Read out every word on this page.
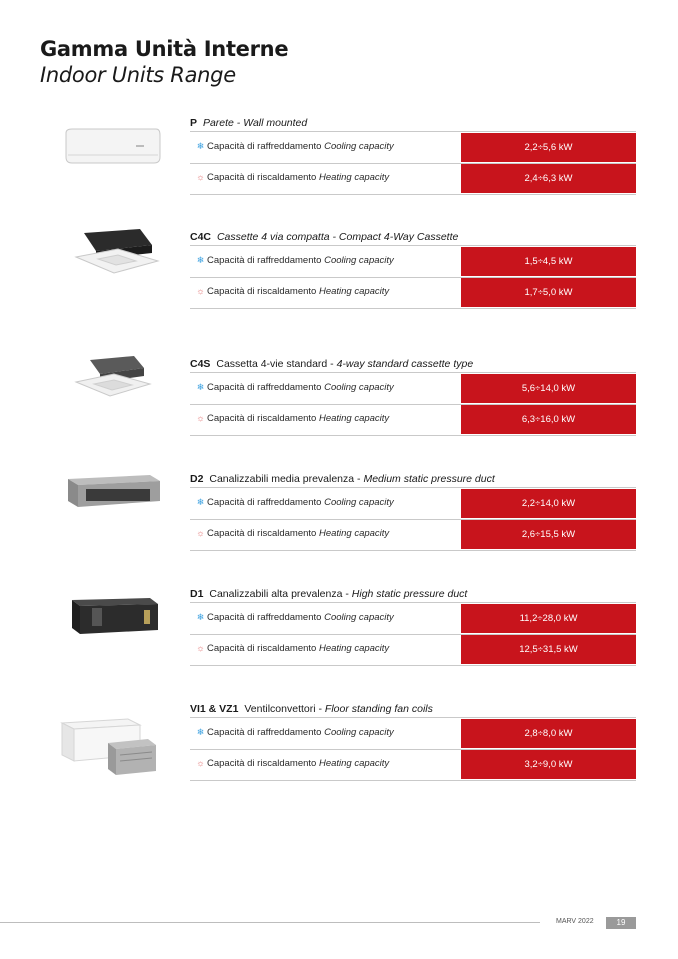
Gamma Unità Interne
Indoor Units Range
P Parete - Wall mounted
❄ Capacità di raffreddamento Cooling capacity	2,2÷5,6 kW
☼ Capacità di riscaldamento Heating capacity	2,4÷6,3 kW
C4C Cassette 4 via compatta - Compact 4-Way Cassette
❄ Capacità di raffreddamento Cooling capacity	1,5÷4,5 kW
☼ Capacità di riscaldamento Heating capacity	1,7÷5,0 kW
C4S Cassetta 4-vie standard - 4-way standard cassette type
❄ Capacità di raffreddamento Cooling capacity	5,6÷14,0 kW
☼ Capacità di riscaldamento Heating capacity	6,3÷16,0 kW
D2 Canalizzabili media prevalenza - Medium static pressure duct
❄ Capacità di raffreddamento Cooling capacity	2,2÷14,0 kW
☼ Capacità di riscaldamento Heating capacity	2,6÷15,5 kW
D1 Canalizzabili alta prevalenza - High static pressure duct
❄ Capacità di raffreddamento Cooling capacity	11,2÷28,0 kW
☼ Capacità di riscaldamento Heating capacity	12,5÷31,5 kW
VI1 & VZ1 Ventilconvettori - Floor standing fan coils
❄ Capacità di raffreddamento Cooling capacity	2,8÷8,0 kW
☼ Capacità di riscaldamento Heating capacity	3,2÷9,0 kW
MARV 2022	19
